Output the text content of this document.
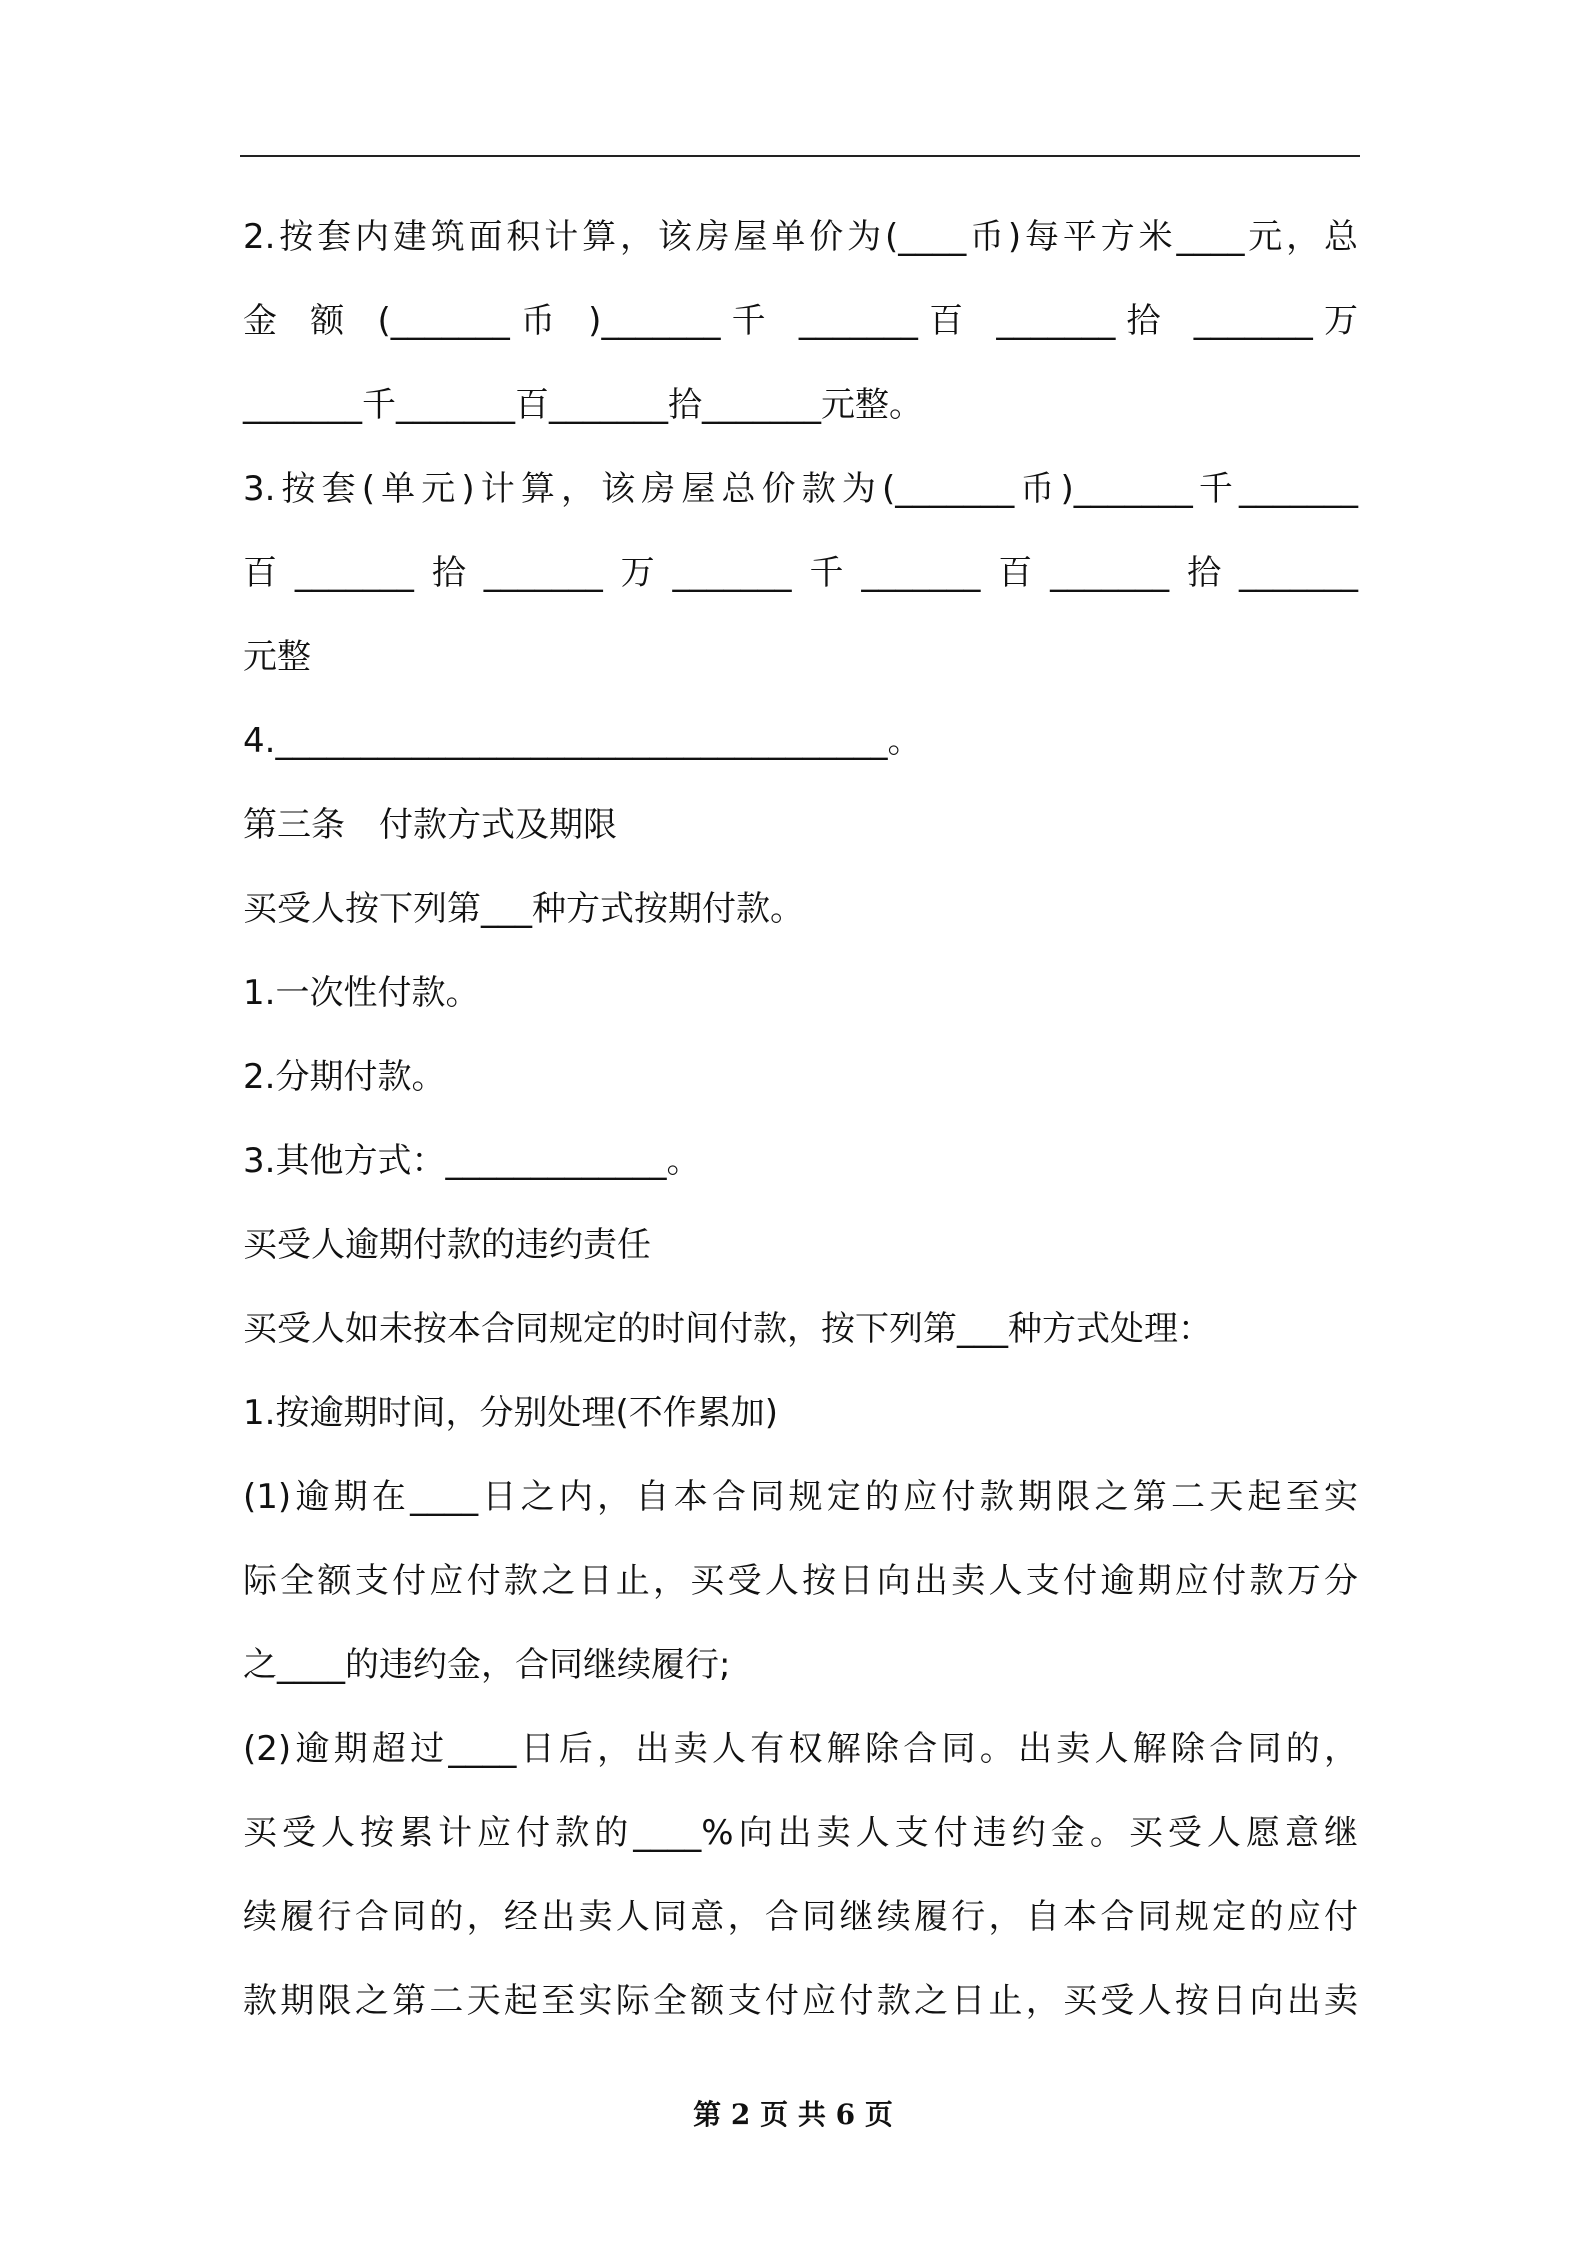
2.按套内建筑面积计算，该房屋单价为(____币)每平方米____元，总

金 额 (_______币 )_______千 _______百 _______拾 _______万

_______千_______百_______拾_______元整。

3.按套(单元)计算，该房屋总价款为(_______币)_______千_______

百_______拾_______万_______千_______百_______拾_______

元整

4.____________________________________。

第三条　付款方式及期限

买受人按下列第___种方式按期付款。

1.一次性付款。

2.分期付款。

3.其他方式：_____________。

买受人逾期付款的违约责任

买受人如未按本合同规定的时间付款，按下列第___种方式处理：

1.按逾期时间，分别处理(不作累加)

(1)逾期在____日之内，自本合同规定的应付款期限之第二天起至实

际全额支付应付款之日止，买受人按日向出卖人支付逾期应付款万分

之____的违约金，合同继续履行;

(2)逾期超过____日后，出卖人有权解除合同。出卖人解除合同的，

买受人按累计应付款的____%向出卖人支付违约金。买受人愿意继

续履行合同的，经出卖人同意，合同继续履行，自本合同规定的应付

款期限之第二天起至实际全额支付应付款之日止，买受人按日向出卖

第 2 页 共 6 页
